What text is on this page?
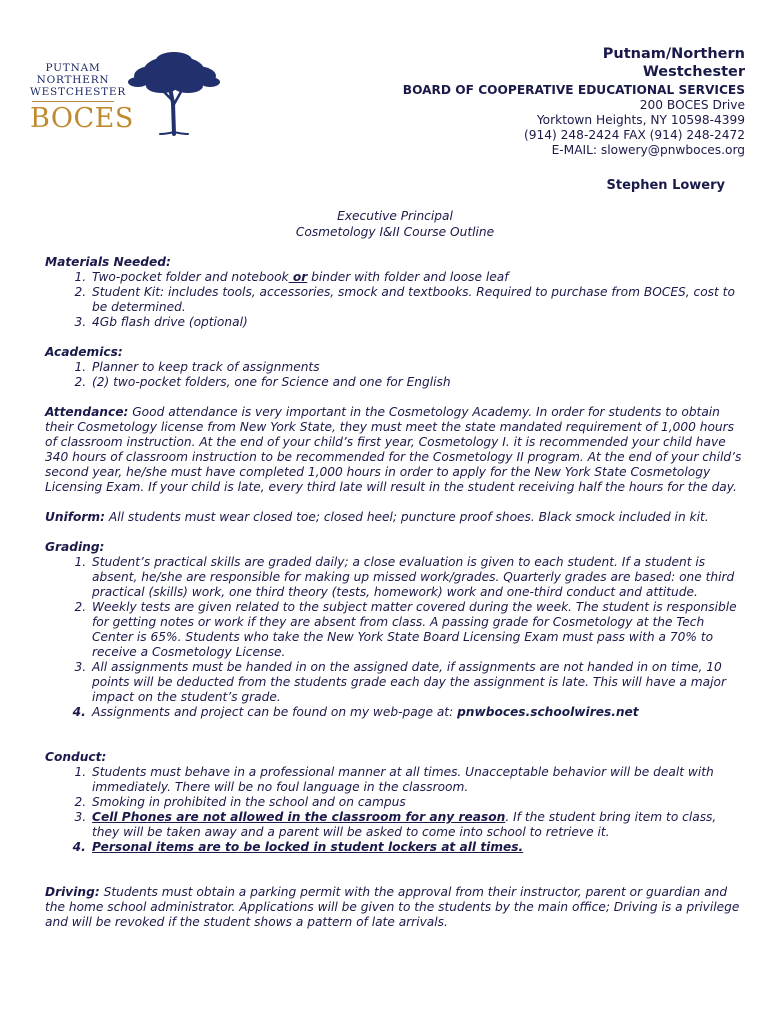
PUTNAM
NORTHERN
WESTCHESTER
BOCES
Putnam/Northern
Westchester
BOARD OF COOPERATIVE EDUCATIONAL SERVICES
200 BOCES Drive
Yorktown Heights, NY 10598-4399
(914) 248-2424 FAX (914) 248-2472
E-MAIL: slowery@pnwboces.org
Stephen Lowery
Executive Principal
Cosmetology I&II Course Outline
Materials Needed:
1. Two-pocket folder and notebook or binder with folder and loose leaf
2. Student Kit: includes tools, accessories, smock and textbooks. Required to purchase from BOCES, cost to be determined.
3. 4Gb flash drive (optional)
Academics:
1. Planner to keep track of assignments
2. (2) two-pocket folders, one for Science and one for English

Attendance: Good attendance is very important in the Cosmetology Academy. In order for students to obtain their Cosmetology license from New York State, they must meet the state mandated requirement of 1,000 hours of classroom instruction. At the end of your child’s first year, Cosmetology I. it is recommended your child have 340 hours of classroom instruction to be recommended for the Cosmetology II program. At the end of your child’s second year, he/she must have completed 1,000 hours in order to apply for the New York State Cosmetology Licensing Exam. If your child is late, every third late will result in the student receiving half the hours for the day.

Uniform: All students must wear closed toe; closed heel; puncture proof shoes. Black smock included in kit.

Grading:
1. Student’s practical skills are graded daily; a close evaluation is given to each student. If a student is absent, he/she are responsible for making up missed work/grades. Quarterly grades are based: one third practical (skills) work, one third theory (tests, homework) work and one-third conduct and attitude.
2. Weekly tests are given related to the subject matter covered during the week. The student is responsible for getting notes or work if they are absent from class. A passing grade for Cosmetology at the Tech Center is 65%. Students who take the New York State Board Licensing Exam must pass with a 70% to receive a Cosmetology License.
3. All assignments must be handed in on the assigned date, if assignments are not handed in on time, 10 points will be deducted from the students grade each day the assignment is late. This will have a major impact on the student’s grade.
4. Assignments and project can be found on my web-page at: pnwboces.schoolwires.net
Conduct:
1. Students must behave in a professional manner at all times. Unacceptable behavior will be dealt with immediately. There will be no foul language in the classroom.
2. Smoking in prohibited in the school and on campus
3. Cell Phones are not allowed in the classroom for any reason. If the student bring item to class, they will be taken away and a parent will be asked to come into school to retrieve it.
4. Personal items are to be locked in student lockers at all times.

Driving: Students must obtain a parking permit with the approval from their instructor, parent or guardian and the home school administrator. Applications will be given to the students by the main office; Driving is a privilege and will be revoked if the student shows a pattern of late arrivals.
